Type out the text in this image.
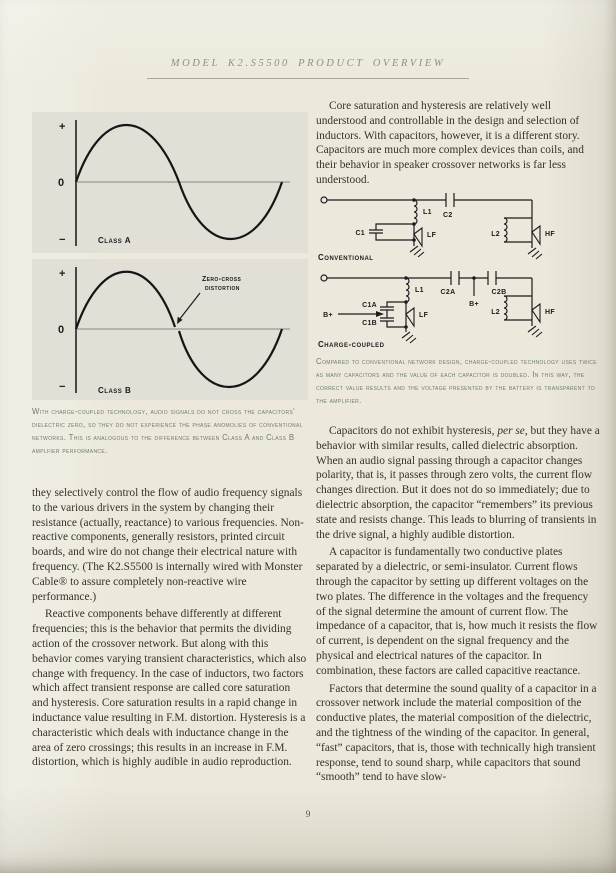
MODEL K2.S5500 PRODUCT OVERVIEW
+
0
−	Class A
+
0
−
Zero-cross
distortion
Class B
With charge-coupled technology, audio signals do not cross the capacitors' dielectric zero, so they do not experience the phase anomolies of conventional networks. This is analogous to the difference between Class A and Class B amplfier performance.

they selectively control the flow of audio frequency signals to the various drivers in the system by changing their resistance (actually, reactance) to various frequencies. Non-reactive components, generally resistors, printed circuit boards, and wire do not change their electrical nature with frequency. (The K2.S5500 is internally wired with Monster Cable® to assure completely non-reactive wire performance.)

Reactive components behave differently at different frequencies; this is the behavior that permits the dividing action of the crossover network. But along with this behavior comes varying transient characteristics, which also change with frequency. In the case of inductors, two factors which affect transient response are called core saturation and hysteresis. Core saturation results in a rapid change in inductance value resulting in F.M. distortion. Hysteresis is a characteristic which deals with inductance change in the area of zero crossings; this results in an increase in F.M. distortion, which is highly audible in audio reproduction.

Core saturation and hysteresis are relatively well understood and controllable in the design and selection of inductors. With capacitors, however, it is a different story. Capacitors are much more complex devices than coils, and their behavior in speaker crossover networks is far less understood.

C2
L1
C1	LF	L2	HF
Conventional
C2A	C2B
B+
L1
C1A
C1B
B+	LF	L2	HF
Charge-coupled
Compared to conventional network design, charge-coupled technology uses twice as many capacitors and the value of each capacitor is doubled. In this way, the correct value results and the voltage presented by the battery is transparent to the amplifier.

Capacitors do not exhibit hysteresis, per se, but they have a behavior with similar results, called dielectric absorption. When an audio signal passing through a capacitor changes polarity, that is, it passes through zero volts, the current flow changes direction. But it does not do so immediately; due to dielectric absorption, the capacitor “remembers” its previous state and resists change. This leads to blurring of transients in the drive signal, a highly audible distortion.

A capacitor is fundamentally two conductive plates separated by a dielectric, or semi-insulator. Current flows through the capacitor by setting up different voltages on the two plates. The difference in the voltages and the frequency of the signal determine the amount of current flow. The impedance of a capacitor, that is, how much it resists the flow of current, is dependent on the signal frequency and the physical and electrical natures of the capacitor. In combination, these factors are called capacitive reactance.

Factors that determine the sound quality of a capacitor in a crossover network include the material composition of the conductive plates, the material composition of the dielectric, and the tightness of the winding of the capacitor. In general, “fast” capacitors, that is, those with technically high transient response, tend to sound sharp, while capacitors that sound “smooth” tend to have slow-

9
